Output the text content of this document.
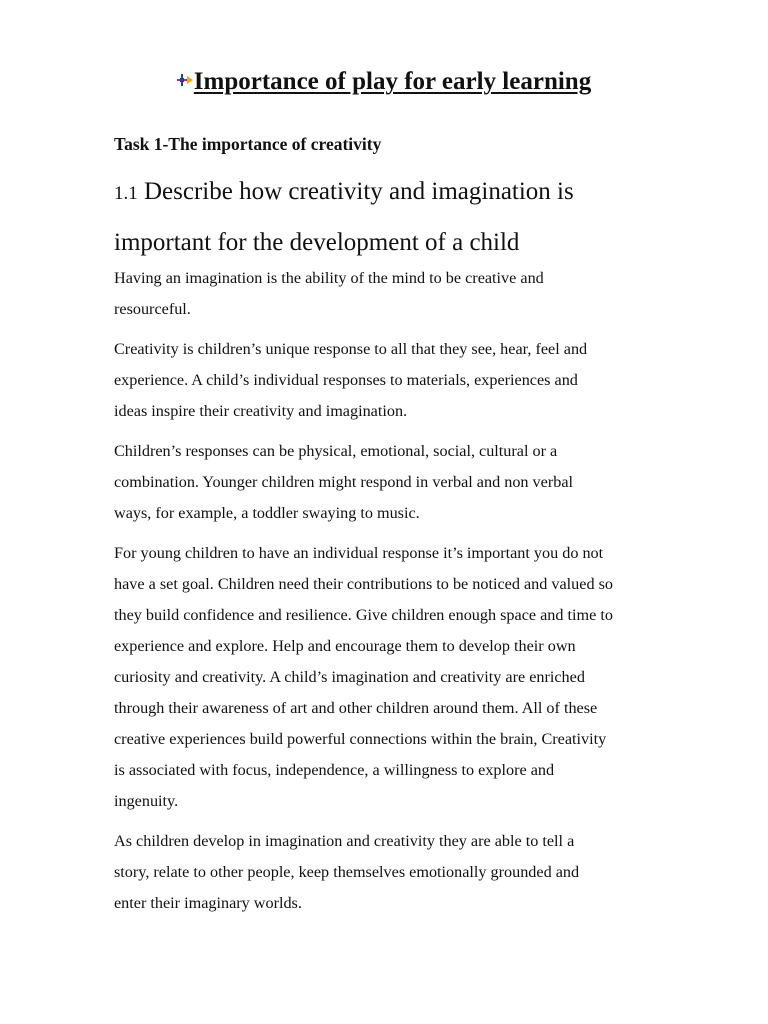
Importance of play for early learning
Task 1-The importance of creativity
1.1 Describe how creativity and imagination is
important for the development of a child

Having an imagination is the ability of the mind to be creative and
resourceful.

Creativity is children’s unique response to all that they see, hear, feel and
experience. A child’s individual responses to materials, experiences and
ideas inspire their creativity and imagination.

Children’s responses can be physical, emotional, social, cultural or a
combination. Younger children might respond in verbal and non verbal
ways, for example, a toddler swaying to music.

For young children to have an individual response it’s important you do not
have a set goal. Children need their contributions to be noticed and valued so
they build confidence and resilience. Give children enough space and time to
experience and explore. Help and encourage them to develop their own
curiosity and creativity. A child’s imagination and creativity are enriched
through their awareness of art and other children around them. All of these
creative experiences build powerful connections within the brain, Creativity
is associated with focus, independence, a willingness to explore and
ingenuity.

As children develop in imagination and creativity they are able to tell a
story, relate to other people, keep themselves emotionally grounded and
enter their imaginary worlds.
